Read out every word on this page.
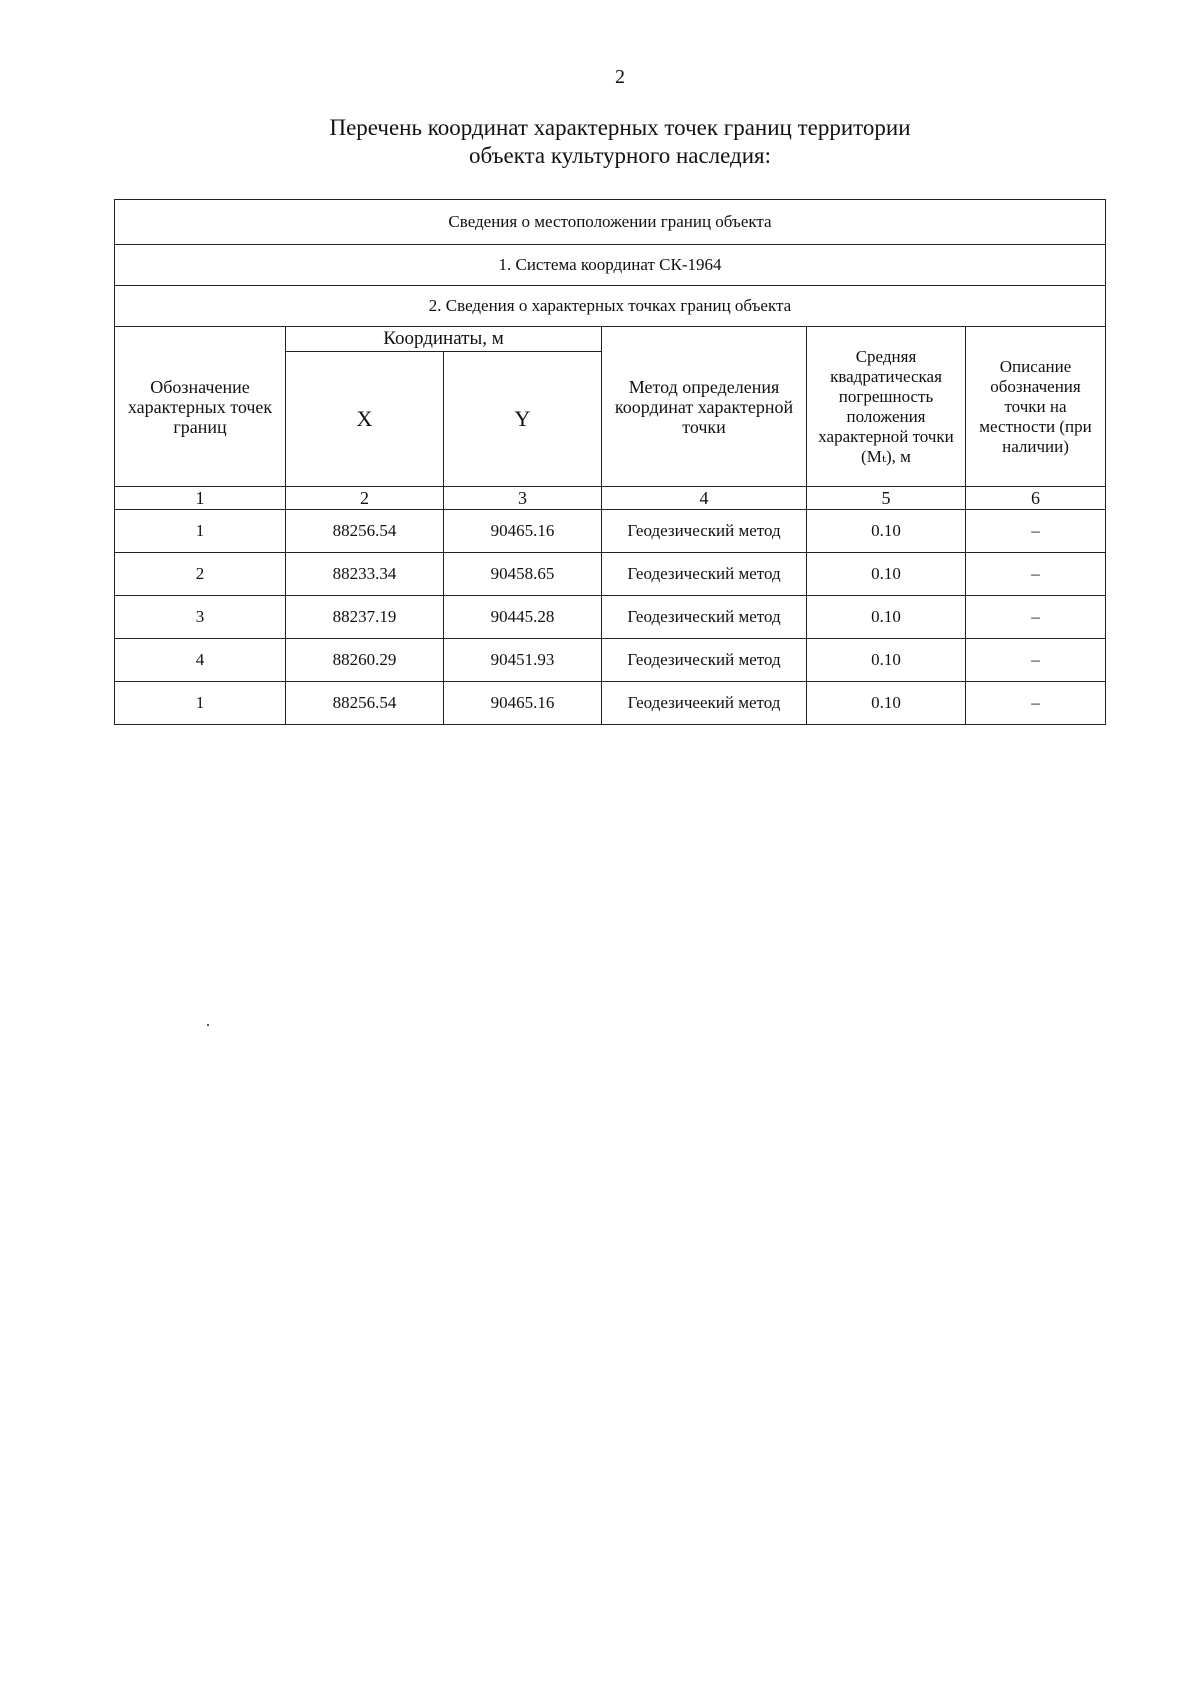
2
Перечень координат характерных точек границ территории
объекта культурного наследия:
Сведения о местоположении границ объекта					
1. Система координат СК-1964					
2. Сведения о характерных точках границ объекта					
Обозначение характерных точек границ	Координаты, м		Метод определения координат характерной точки	Средняя квадратическая погрешность положения характерной точки (Mₜ), м	Описание обозначения точки на местности (при наличии)
	X	Y			
1	2	3	4	5	6
1	88256.54	90465.16	Геодезический метод	0.10	–
2	88233.34	90458.65	Геодезический метод	0.10	–
3	88237.19	90445.28	Геодезический метод	0.10	–
4	88260.29	90451.93	Геодезический метод	0.10	–
1	88256.54	90465.16	Геодезичеекий метод	0.10	–
